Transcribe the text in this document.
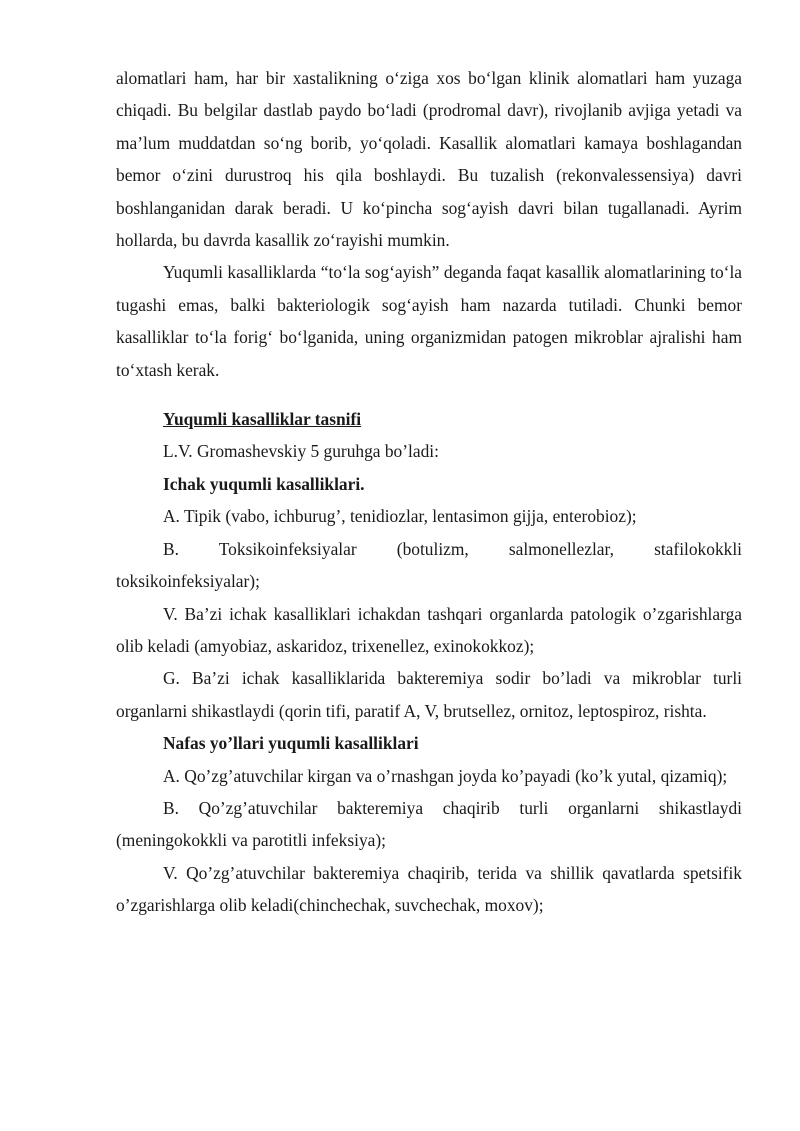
alomatlari ham, har bir xastalikning o‘ziga xos bo‘lgan klinik alomatlari ham yuzaga chiqadi. Bu belgilar dastlab paydo bo‘ladi (prodromal davr), rivojlanib avjiga yetadi va ma’lum muddatdan so‘ng borib, yo‘qoladi. Kasallik alomatlari kamaya boshlagandan bemor o‘zini durustroq his qila boshlaydi. Bu tuzalish (rekonvalessensiya) davri boshlanganidan darak beradi. U ko‘pincha sog‘ayish davri bilan tugallanadi. Ayrim hollarda, bu davrda kasallik zo‘rayishi mumkin.

Yuqumli kasalliklarda “to‘la sog‘ayish” deganda faqat kasallik alomatlarining to‘la tugashi emas, balki bakteriologik sog‘ayish ham nazarda tutiladi. Chunki bemor kasalliklar to‘la forig‘ bo‘lganida, uning organizmidan patogen mikroblar ajralishi ham to‘xtash kerak.

Yuqumli kasalliklar tasnifi

L.V. Gromashevskiy 5 guruhga bo’ladi:

Ichak yuqumli kasalliklari.

A. Tipik (vabo, ichburug’, tenidiozlar, lentasimon gijja, enterobioz);

B. Toksikoinfeksiyalar (botulizm, salmonellezlar, stafilokokkli toksikoinfeksiyalar);

V. Ba’zi ichak kasalliklari ichakdan tashqari organlarda patologik o’zgarishlarga olib keladi (amyobiaz, askaridoz, trixenellez, exinokokkoz);

G. Ba’zi ichak kasalliklarida bakteremiya sodir bo’ladi va mikroblar turli organlarni shikastlaydi (qorin tifi, paratif A, V, brutsellez, ornitoz, leptospiroz, rishta.

Nafas yo’llari yuqumli kasalliklari

A. Qo’zg’atuvchilar kirgan va o’rnashgan joyda ko’payadi (ko’k yutal, qizamiq);

B. Qo’zg’atuvchilar bakteremiya chaqirib turli organlarni shikastlaydi (meningokokkli va parotitli infeksiya);

V. Qo’zg’atuvchilar bakteremiya chaqirib, terida va shillik qavatlarda spetsifik o’zgarishlarga olib keladi(chinchechak, suvchechak, moxov);
